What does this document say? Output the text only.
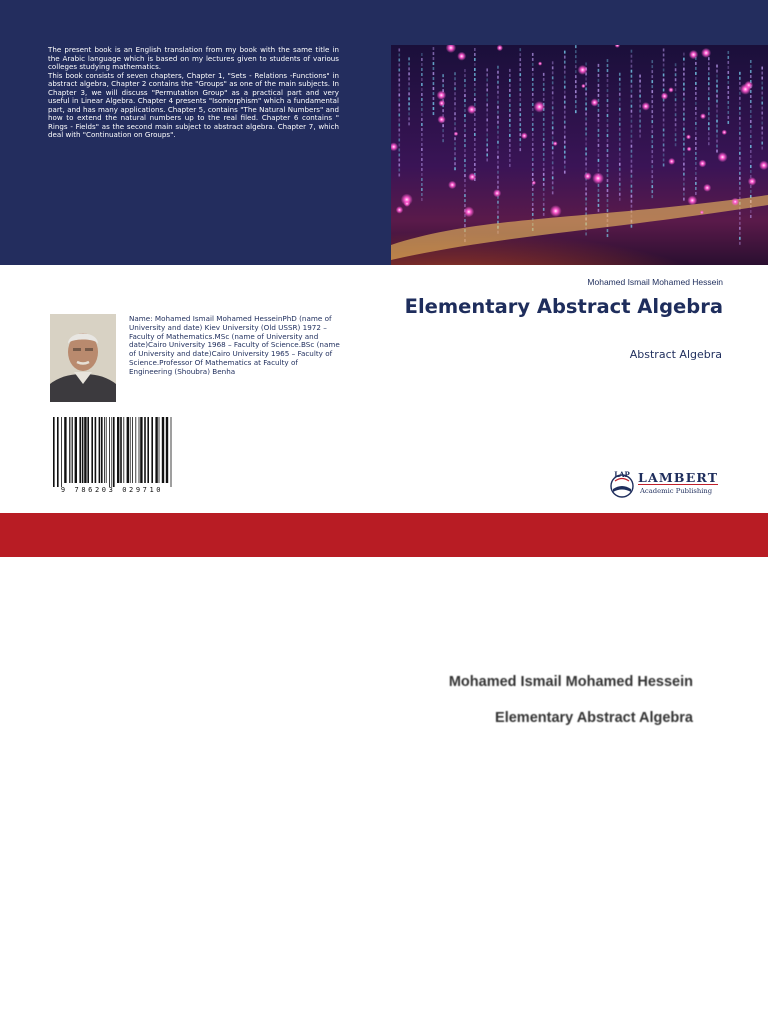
The present book is an English translation from my book with the same title in the Arabic language which is based on my lectures given to students of various colleges studying mathematics.

This book consists of seven chapters, Chapter 1, "Sets - Relations -Functions" in abstract algebra, Chapter 2 contains the "Groups" as one of the main subjects. In Chapter 3, we will discuss "Permutation Group" as a practical part and very useful in Linear Algebra. Chapter 4 presents "Isomorphism" which a fundamental part, and has many applications. Chapter 5, contains "The Natural Numbers" and how to extend the natural numbers up to the real filed. Chapter 6 contains " Rings - Fields" as the second main subject to abstract algebra. Chapter 7, which deal with "Continuation on Groups".

Mohamed Ismail Mohamed Hessein
Elementary Abstract Algebra
Abstract Algebra
Name: Mohamed Ismail Mohamed HesseinPhD (name of University and date) Kiev University (Old USSR) 1972 – Faculty of Mathematics.MSc (name of University and date)Cairo University 1968 – Faculty of Science.BSc (name of University and date)Cairo University 1965 – Faculty of Science.Professor Of Mathematics at Faculty of Engineering (Shoubra) Benha
9 786203 029710
LAP LAMBERT
Academic Publishing
Mohamed Ismail Mohamed Hessein
Elementary Abstract Algebra
